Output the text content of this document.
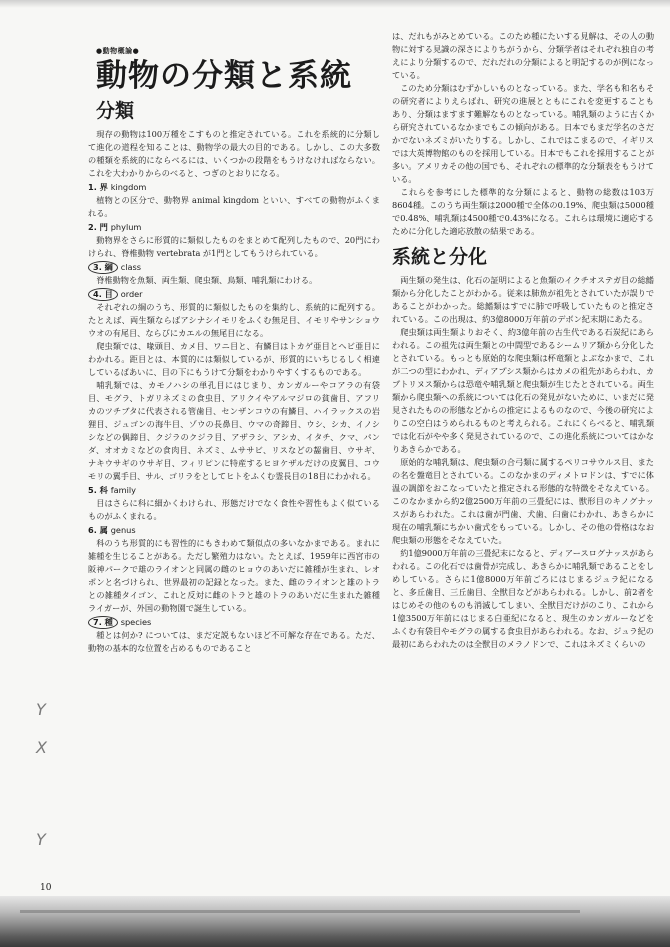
●動物概論●
動物の分類と系統
分類

現存の動物は100万種をこすものと推定されている。これを系統的に分類して進化の道程を知ることは、動物学の最大の目的である。しかし、この大多数の種類を系統的にならべるには、いくつかの段階をもうけなければならない。これを大わかりからのべると、つぎのとおりになる。

1. 界 kingdom

植物との区分で、動物界 animal kingdom といい、すべての動物がふくまれる。

2. 門 phylum

動物界をさらに形質的に類似したものをまとめて配列したもので、20門にわけられ、脊椎動物 vertebrata が1門としてもうけられている。

3. 綱 class

脊椎動物を魚類、両生類、爬虫類、鳥類、哺乳類にわける。

4. 目 order

それぞれの綱のうち、形質的に類似したものを集約し、系統的に配列する。たとえば、両生類ならばアシナシイモリをふくむ無足目、イモリやサンショウウオの有尾目、ならびにカエルの無尾目になる。

爬虫類では、喙頭目、カメ目、ワニ目と、有鱗目はトカゲ亜目とヘビ亜目にわかれる。距目とは、本質的には類似しているが、形質的にいちじるしく相違しているばあいに、目の下にもうけて分類をわかりやすくするものである。

哺乳類では、カモノハシの単孔目にはじまり、カンガルーやコアラの有袋目、モグラ、トガリネズミの食虫目、アリクイやアルマジロの貧歯目、アフリカのツチブタに代表される管歯目、センザンコウの有鱗目、ハイラックスの岩狸目、ジュゴンの海牛目、ゾウの長鼻目、ウマの奇蹄目、ウシ、シカ、イノシシなどの偶蹄目、クジラのクジラ目、アザラシ、アシカ、イタチ、クマ、パンダ、オオカミなどの食肉目、ネズミ、ムササビ、リスなどの齧歯目、ウサギ、ナキウサギのウサギ目、フィリピンに特産するヒヨケザルだけの皮翼目、コウモリの翼手目、サル、ゴリラをとしてヒトをふくむ霊長目の18目にわかれる。

5. 科 family

目はさらに科に細かくわけられ、形態だけでなく食性や習性もよく似ているものがふくまれる。

6. 属 genus

科のうち形質的にも習性的にもきわめて類似点の多いなかまである。まれに雑種を生じることがある。ただし繁殖力はない。たとえば、1959年に西宮市の阪神パークで雄のライオンと同属の雌のヒョウのあいだに雑種が生まれ、レオポンと名づけられ、世界最初の記録となった。また、雌のライオンと雄のトラとの雑種タイゴン、これと反対に雌のトラと雄のトラのあいだに生まれた雑種ライガーが、外国の動物園で誕生している。

7. 種 species

種とは何か? については、まだ定説もないほど不可解な存在である。ただ、動物の基本的な位置を占めるものであること

は、だれもがみとめている。このため種にたいする見解は、その人の動物に対する見識の深さによりちがうから、分類学者はそれぞれ独自の考えにより分類するので、だれだれの分類によると明記するのが例になっている。

このため分類はむずかしいものとなっている。また、学名も和名もその研究者によりえらばれ、研究の進展とともにこれを変更することもあり、分類はますます難解なものとなっている。哺乳類のように古くから研究されているなかまでもこの傾向がある。日本でもまだ学名のさだかでないネズミがいたりする。しかし、これではこまるので、イギリスでは大英博物館のものを採用している。日本でもこれを採用することが多い。アメリカその他の国でも、それぞれの標準的な分類表をもうけている。

これらを参考にした標準的な分類によると、動物の総数は103万8604種。このうち両生類は2000種で全体の0.19%、爬虫類は5000種で0.48%、哺乳類は4500種で0.43%になる。これらは環境に適応するために分化した適応放散の結果である。

系統と分化

両生類の発生は、化石の証明によると魚類のイクチオステガ目の総鰭類から分化したことがわかる。従来は肺魚が祖先とされていたが誤りであることがわかった。総鰭類はすでに肺で呼吸していたものと推定されている。この出現は、約3億8000万年前のデボン紀末期にあたる。

爬虫類は両生類よりおそく、約3億年前の古生代である石炭紀にあらわれる。この祖先は両生類との中間型であるシームリア類から分化したとされている。もっとも原始的な爬虫類は杯竜類とよぶなかまで、これが二つの型にわかれ、ディアプシス類からはカメの祖先があらわれ、カプトリヌス類からは恐竜や哺乳類と爬虫類が生じたとされている。両生類から爬虫類への系統については化石の発見がないために、いまだに発見されたものの形態などからの推定によるものなので、今後の研究によりこの空白はうめられるものと考えられる。これにくらべると、哺乳類では化石がやや多く発見されているので、この進化系統についてはかなりあきらかである。

原始的な哺乳類は、爬虫類の合弓類に属するペリコサウルス目、また の名を盤竜目とされている。このなかまのディメトロドンは、すでに体温の調節をおこなっていたと推定される形態的な特徴をそなえている。このなかまから約2億2500万年前の三畳紀には、獣形目のキノグナッスがあらわれた。これは歯が門歯、犬歯、臼歯にわかれ、あきらかに現在の哺乳類にちかい歯式をもっている。しかし、その他の骨格はなお爬虫類の形態をそなえていた。

約1億9000万年前の三畳紀末になると、ディアースログナッスがあらわれる。この化石では歯骨が完成し、あきらかに哺乳類であることをしめしている。さらに1億8000万年前ごろにはじまるジュラ紀になると、多丘歯目、三丘歯目、全獣目などがあらわれる。しかし、前2者をはじめその他のものも消滅してしまい、全獣目だけがのこり、これから1億3500万年前にはじまる白亜紀になると、現生のカンガルーなどをふくむ有袋目やモグラの属する食虫目があらわれる。なお、ジュラ紀の最初にあらわれたのは全獣目のメラノドンで、これはネズミくらいの

Y
X
Y
10
